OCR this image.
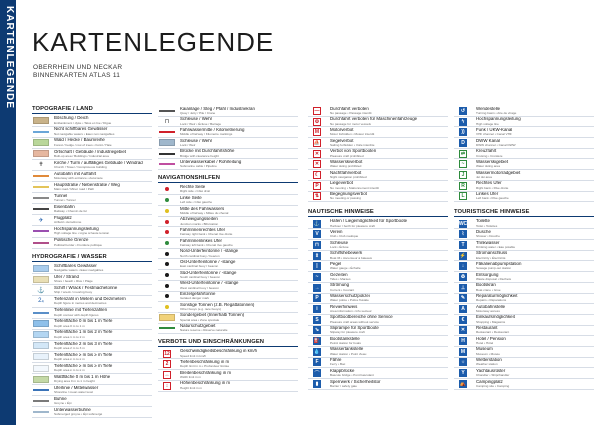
KARTENLEGENDE KARTENLEGENDE
OBERRHEIN UND NECKAR
BINNENKARTEN ATLAS 11
TOPOGRAFIE / LAND
Böschung / Deich
Embankment / dyke • Talus et rive / Digue
Nicht schiffbares Gewässer
Not navigable waters • Eaux non navigables
Wald / Hecke / Baumreihe
Forest / hedge / row of trees • Forêt / Haie
Ortschaft / Gebäude / Industriegebiet
Built-up area / Buildings / Industrial area
✝
Kirche / Turm / auffälliges Gebäude / Windrad
Church / Tower / Conspicuous building
Autobahn mit Auffahrt
Motorway with entrance • Autoroute
Hauptstraße / Nebenstraße / Weg
Main road / Minor road / Path
Tunnel
Tunnel • Tunnel
Eisenbahn
Railway • Chemin de fer
✈
Flugplatz
Airfield • Aérodrome
Hochspannungsleitung
High voltage line • Ligne à haute tension
Politische Grenze
Political border • Frontière politique
HYDROGRAFIE / WASSER
Schiffbares Gewässer
Navigable waters • Eaux navigables
Ufer / Strand
Shore / beach • Rive / Plage
⚓
Schiff / Wrack / Festmachetonne
Ship / wreck / mooring buoy
2₄ Tiefenzahl in Metern und Dezimetern
Depth figure in metres and decimetres
Tiefenlinie mit Tiefenzahlen
Depth contour with depth figures
Tiefenfläche 0 m bis 1 m Tiefe
Depth area 0 m to 1 m
Tiefenfläche 1 m bis 2 m Tiefe
Depth area 1 m to 2 m
Tiefenfläche 2 m bis 3 m Tiefe
Depth area 2 m to 3 m
Tiefenfläche ≥ m bis ≥ m Tiefe
Depth area ≥ m to ≥ m
Tiefenfläche ≥ m bis ≥ m Tiefe
Depth area ≥ m to ≥ m
Wattfläche 0 m bis 1 m Höhe
Drying area 0 m to 1 m height
Uferlinie / Mittelwasser
Shoreline / mean water level
Buhne
Groyne • Épi
Unterwasserbuhne
Submerged groyne • Épi submergé
Kaianlage / Steg / Pfahl / Industriekran
Quay / Jetty / Pile / Crane
⊓
Schleuse / Wehr
Lock / Weir • Écluse / Barrage
Fahrwassermitte / Kilometrierung
Middle of fairway / Kilometre markings
Schleuse / Wehr
Lock / Weir
Brücke mit Durchfahrtshöhe
Bridge with clearance height
Unterwasserkabel / Rohrleitung
Submarine cable / Pipeline
NAVIGATIONSHILFEN
Rechte Seite
Right side • Côté droit
Linke Seite
Left side • Côté gauche
Mitte des Fahrwassers
Middle of fairway • Milieu du chenal
Abzweigungsseiten
Junction marks • Bifurcation
Fahrrinnenrechtes Ufer
Fairway right bank • Chenal rive droite
Fahrrinnenlinkes Ufer
Fairway left bank • Chenal rive gauche
Nord-Unterfeintonne / -stange
North cardinal buoy / beacon
Ost-Unterfeintonne / -stange
East cardinal buoy / beacon
Süd-Unterfeintonne / -stange
South cardinal buoy / beacon
West-Unterfeintonne / -stange
West cardinal buoy / beacon
Einzelgefahrtonne
Isolated danger mark
Sonstige Tonnen (z.B. Regattatonnen)
Other buoys (e.g. race buoys)
Sondergebiet (Innerhalb Tonnen)
Special area • Zone spéciale
Naturschutzgebiet
Nature reserve • Réserve naturelle
VERBOTE UND EINSCHRÄNKUNGEN
12 Geschwindigkeitsbeschränkung in km/h
Speed limit in km/h
2	Tiefenbeschränkung in m
Depth limit in m • Profondeur limitée
↔	Breitenbeschränkung in m
Width limit in m
↕	Höhenbeschränkung in m
Height limit in m
—	Durchfahrt verboten
No passage • Passage interdit
⚙	Durchfahrt verboten für Maschinenfahrzeuge
No passage for motor vessels
M	Motorverbot
Motor forbidden • Moteur interdit
⛵ Segelverbot
Sailing forbidden • Voile interdite
✕	Verbot von Sportbooten
Pleasure craft prohibited
✕	Wasserskiverbot
Water skiing prohibited
☾	Nachtfahrverbot
Night navigation prohibited
P	Liegeverbot
No mooring • Stationnement interdit
⇅	Begegnungsverbot
No meeting or passing
NAUTISCHE HINWEISE
⚓ Hafen / Liegemöglichkeit für Sportboote
Harbour / berth for pleasure craft
V	Verein
Club • Club nautique
⊓	Schleuse
Lock • Écluse
⇕	Schiffshebewerk
Boat lift • Ascenseur à bateaux
|	Pegel
Water gauge • Échelle
~	Gezeiten
Tides • Marées
→	Strömung
Current • Courant
P	Wasserschutzpolizei
Water police • Police fluviale
i	Revierhinweis
Area information • Info secteur
S	Sportbootbereiche ohne Service
Pleasure craft areas without service
⇘	Sliprampe für Sportboote
Slipway for pleasure craft
⛽ Bootstankstelle
Petrol station for boats
💧 Wassertankstelle
Water station • Point d'eau
F	Fähre
Ferry • Bac
⌒
Klappbrücke
Bascule bridge • Pont basculant
▮	Sperrwerk / Sicherheitstor
Barrier / safety gate
↺	Wendestelle
Turning basin • Aire de virage
ϟ	Hochspannungsleitung
High voltage line
))	Funk / UKW-Kanal
VHF channel • Canal VHF
D	DWW Kanal
DWW channel • Canal DWW
⇄	Kreuzfahrt
Cruising • Croisière
~	Wasserskigebiet
Water skiing area
J	Wassermotorradgebiet
Jet ski area
R	Rechtes Ufer
Right bank • Rive droite
L	Linkes Ufer
Left bank • Rive gauche
TOURISTISCHE HINWEISE
WC Toilette
Toilet • Toilettes
⌇	Dusche
Shower • Douche
T	Trinkwasser
Drinking water • Eau potable
⚡ Stromanschluss
Electricity • Électricité
↓	Fäkalienabpumpstation
Sewage pump-out station
♻	Entsorgung
Waste disposal • Déchets
⊥	Bootskran
Boat crane • Grue
✎	Reparaturmöglichkeit
Repairs • Réparations
A	Autobahnstelle
Motorway access
€	Einkaufsmöglichkeit
Shopping • Magasins
✕	Restaurant
Restaurant • Restaurant
H	Hotel / Pension
Hotel • Hôtel
M	Museum
Museum • Musée
☼	Wetterstation
Weather station
Y	Yachtausrüster
Chandler • Shipchandler
⛺ Campingplatz
Camping site • Camping
